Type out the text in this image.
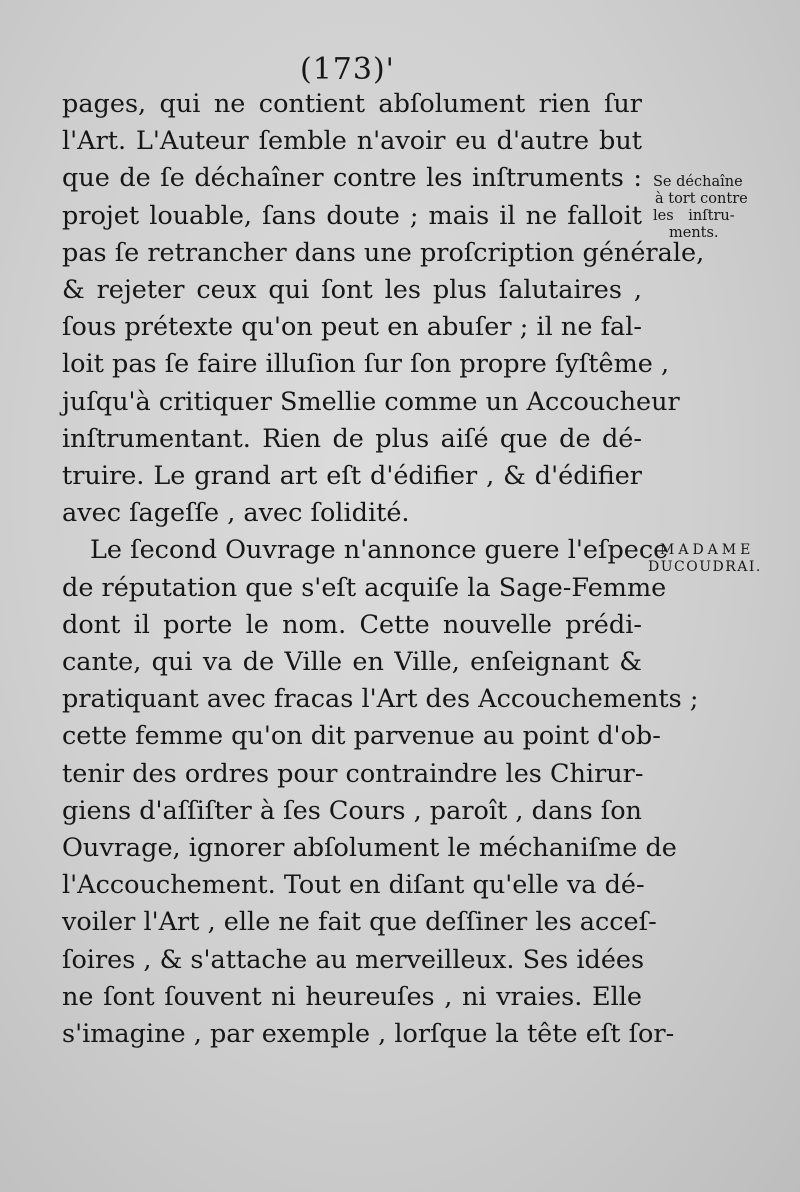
(173)'
pages, qui ne contient abſolument rien ſur
l'Art. L'Auteur ſemble n'avoir eu d'autre but
que de ſe déchaîner contre les inſtruments :
projet louable, ſans doute ; mais il ne falloit
pas ſe retrancher dans une proſcription générale,
& rejeter ceux qui ſont les plus ſalutaires ,
ſous prétexte qu'on peut en abuſer ; il ne fal-
loit pas ſe faire illuſion ſur ſon propre ſyſtême ,
juſqu'à critiquer Smellie comme un Accoucheur
inſtrumentant. Rien de plus aiſé que de dé-
truire. Le grand art eſt d'édifier , & d'édifier
avec ſageſſe , avec ſolidité.
Le ſecond Ouvrage n'annonce guere l'eſpece
de réputation que s'eſt acquiſe la Sage-Femme
dont il porte le nom. Cette nouvelle prédi-
cante, qui va de Ville en Ville, enſeignant &
pratiquant avec fracas l'Art des Accouchements ;
cette femme qu'on dit parvenue au point d'ob-
tenir des ordres pour contraindre les Chirur-
giens d'aſſiſter à ſes Cours , paroît , dans ſon
Ouvrage, ignorer abſolument le méchaniſme de
l'Accouchement. Tout en diſant qu'elle va dé-
voiler l'Art , elle ne fait que deſſiner les acceſ-
ſoires , & s'attache au merveilleux. Ses idées
ne ſont ſouvent ni heureuſes , ni vraies. Elle
s'imagine , par exemple , lorſque la tête eſt ſor-
Se déchaîne
à tort contre
les inſtru-
ments.
MADAME
DUCOUDRAI.
